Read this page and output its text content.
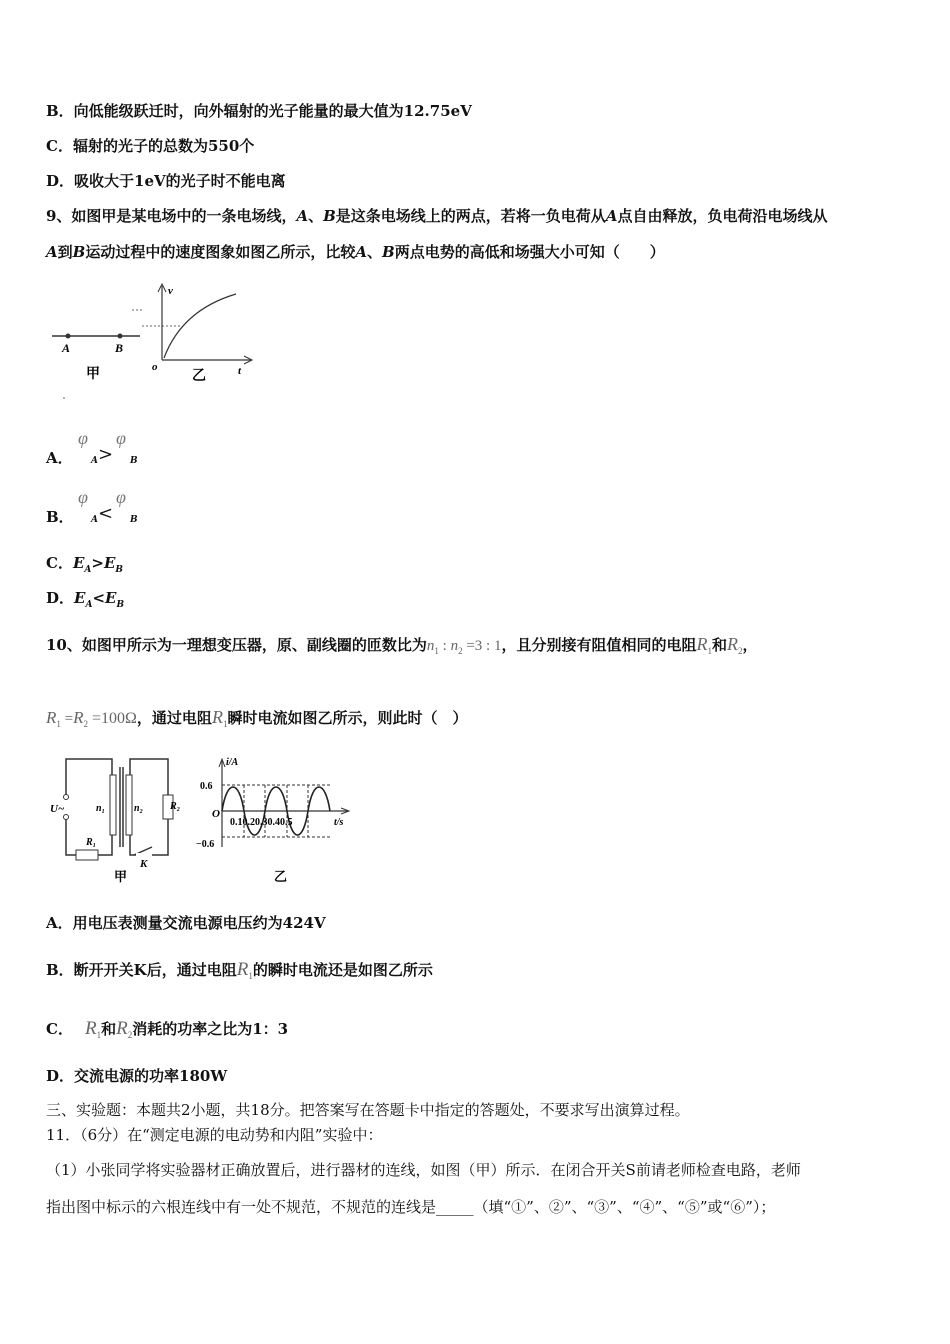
B．向低能级跃迁时，向外辐射的光子能量的最大值为12.75eV
C．辐射的光子的总数为550个
D．吸收大于1eV的光子时不能电离
9、如图甲是某电场中的一条电场线，A、B是这条电场线上的两点，若将一负电荷从A点自由释放，负电荷沿电场线从
A到B运动过程中的速度图象如图乙所示，比较A、B两点电势的高低和场强大小可知（　　）
A	B
甲
v
t
o
乙
A．
φ
A >
φ
B
B．
φ
A <
φ
B
C．$E_A>E_B$
D．$E_A<E_B$
10、如图甲所示为一理想变压器，原、副线圈的匝数比为$n_1$ : $n_2 =3$ : 1，且分别接有阻值相同的电阻$R_1$和$R_2$，
$R_1 =R_2 =100\Omega$，通过电阻$R_1$瞬时电流如图乙所示，则此时（　）
U~	n₁	n₂
R₁
R₂
K
甲
i/A
0.6
−0.6
O
0.10.20.30.40.5	t/s
乙
A．用电压表测量交流电源电压约为424V
B．断开开关K后，通过电阻$R_1$的瞬时电流还是如图乙所示
C． $R_1$和$R_2$消耗的功率之比为1：3
D．交流电源的功率180W
三、实验题：本题共2小题，共18分。把答案写在答题卡中指定的答题处，不要求写出演算过程。
11．（6分）在“测定电源的电动势和内阻”实验中：
（1）小张同学将实验器材正确放置后，进行器材的连线，如图（甲）所示．在闭合开关S前请老师检查电路，老师
指出图中标示的六根连线中有一处不规范，不规范的连线是_____（填“①”、②”、“③”、“④”、“⑤”或“⑥”）；
